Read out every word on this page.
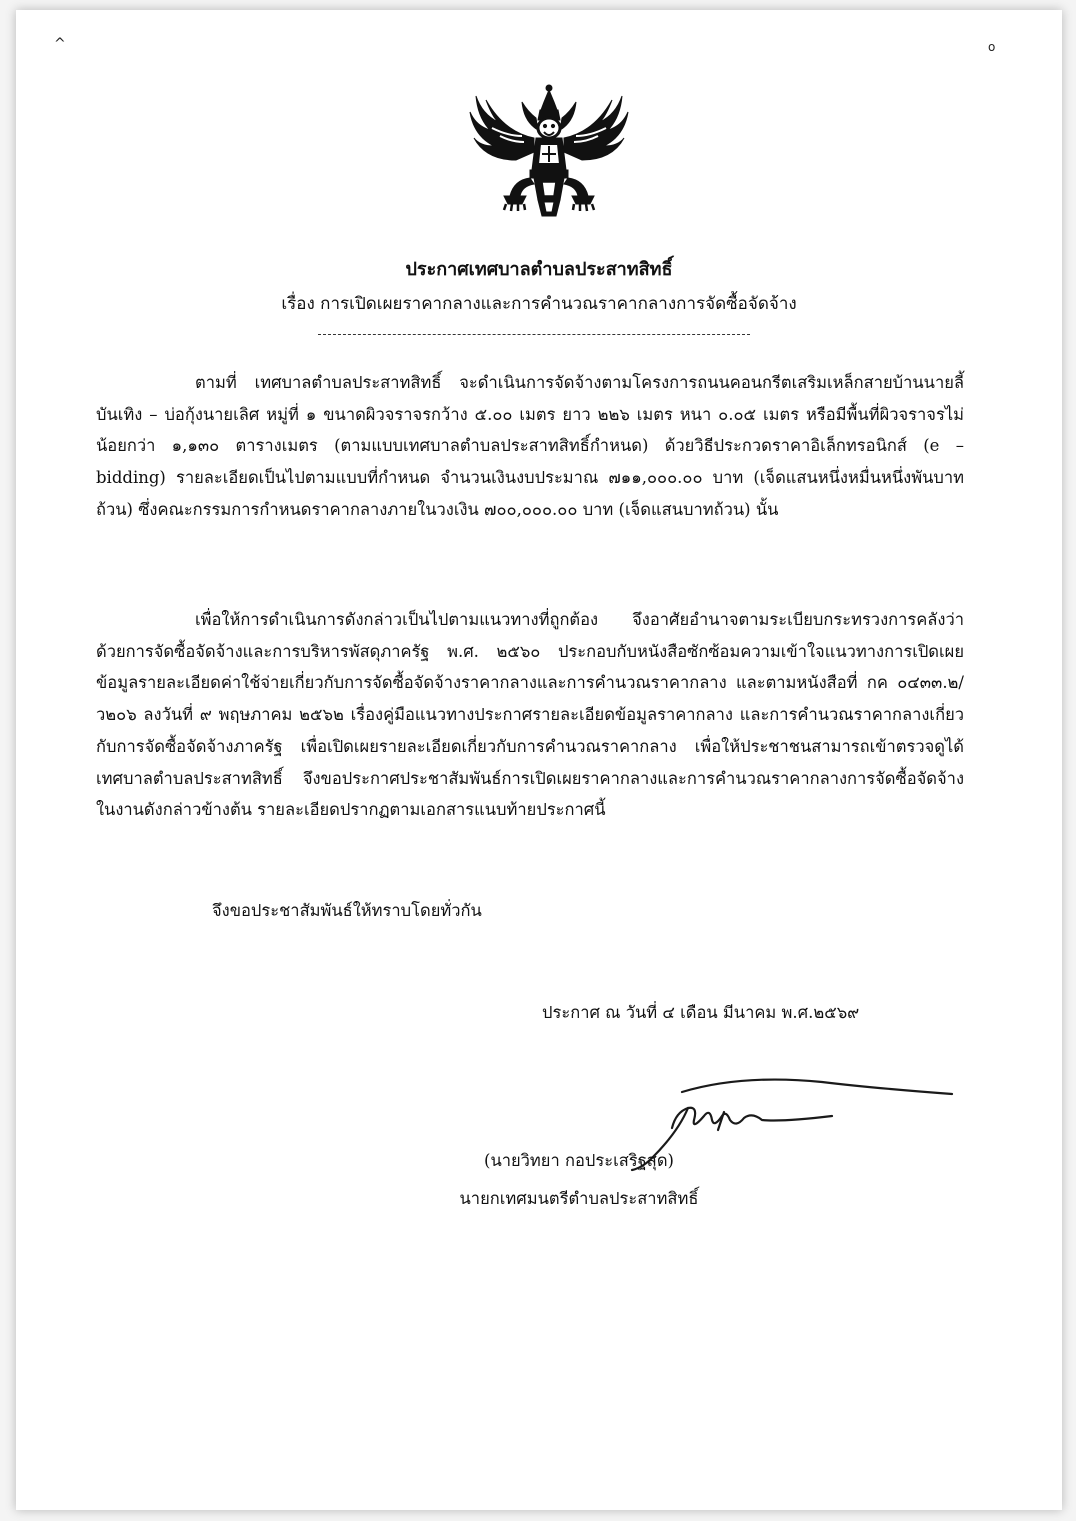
^	o
ประกาศเทศบาลตำบลประสาทสิทธิ์
เรื่อง การเปิดเผยราคากลางและการคำนวณราคากลางการจัดซื้อจัดจ้าง

ตามที่ เทศบาลตำบลประสาทสิทธิ์ จะดำเนินการจัดจ้างตามโครงการถนนคอนกรีตเสริมเหล็กสายบ้านนายลี้ บันเทิง – บ่อกุ้งนายเลิศ หมู่ที่ ๑ ขนาดผิวจราจรกว้าง ๕.๐๐ เมตร ยาว ๒๒๖ เมตร หนา ๐.๐๕ เมตร หรือมีพื้นที่ผิวจราจรไม่น้อยกว่า ๑,๑๓๐ ตารางเมตร (ตามแบบเทศบาลตำบลประสาทสิทธิ์กำหนด) ด้วยวิธีประกวดราคาอิเล็กทรอนิกส์ (e – bidding) รายละเอียดเป็นไปตามแบบที่กำหนด จำนวนเงินงบประมาณ ๗๑๑,๐๐๐.๐๐ บาท (เจ็ดแสนหนึ่งหมื่นหนึ่งพันบาทถ้วน) ซึ่งคณะกรรมการกำหนดราคากลางภายในวงเงิน ๗๐๐,๐๐๐.๐๐ บาท (เจ็ดแสนบาทถ้วน) นั้น

เพื่อให้การดำเนินการดังกล่าวเป็นไปตามแนวทางที่ถูกต้อง จึงอาศัยอำนาจตามระเบียบกระทรวงการคลังว่าด้วยการจัดซื้อจัดจ้างและการบริหารพัสดุภาครัฐ พ.ศ. ๒๕๖๐ ประกอบกับหนังสือซักซ้อมความเข้าใจแนวทางการเปิดเผยข้อมูลรายละเอียดค่าใช้จ่ายเกี่ยวกับการจัดซื้อจัดจ้างราคากลางและการคำนวณราคากลาง และตามหนังสือที่ กค ๐๔๓๓.๒/ว๒๐๖ ลงวันที่ ๙ พฤษภาคม ๒๕๖๒ เรื่องคู่มือแนวทางประกาศรายละเอียดข้อมูลราคากลาง และการคำนวณราคากลางเกี่ยวกับการจัดซื้อจัดจ้างภาครัฐ เพื่อเปิดเผยรายละเอียดเกี่ยวกับการคำนวณราคากลาง เพื่อให้ประชาชนสามารถเข้าตรวจดูได้ เทศบาลตำบลประสาทสิทธิ์ จึงขอประกาศประชาสัมพันธ์การเปิดเผยราคากลางและการคำนวณราคากลางการจัดซื้อจัดจ้างในงานดังกล่าวข้างต้น รายละเอียดปรากฏตามเอกสารแนบท้ายประกาศนี้

จึงขอประชาสัมพันธ์ให้ทราบโดยทั่วกัน
ประกาศ ณ วันที่ ๔ เดือน มีนาคม พ.ศ.๒๕๖๙
(นายวิทยา กอประเสริฐสุด)
นายกเทศมนตรีตำบลประสาทสิทธิ์
